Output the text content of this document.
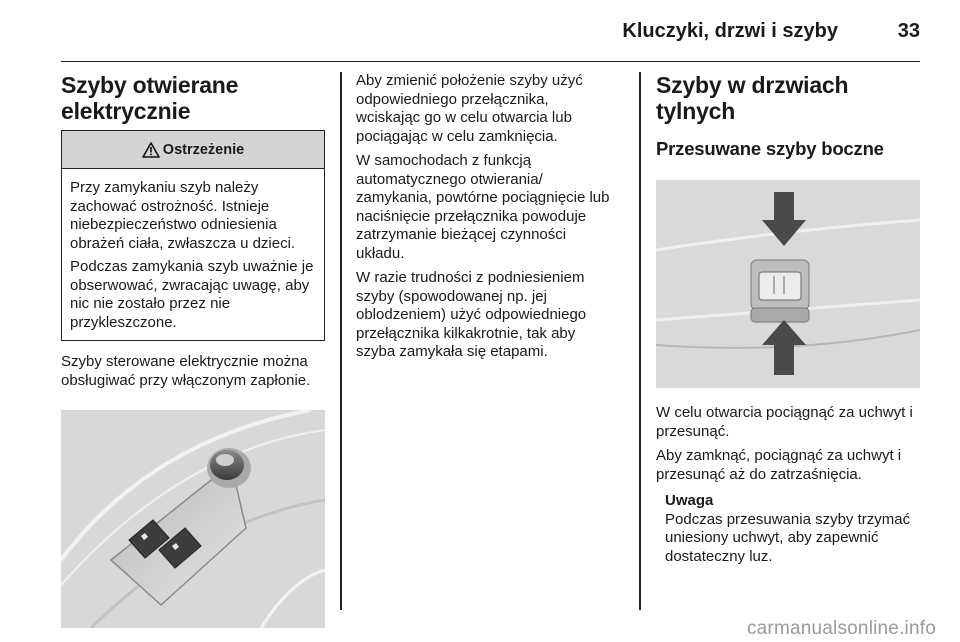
Kluczyki, drzwi i szyby	33
Szyby otwierane elektrycznie
Ostrzeżenie

Przy zamykaniu szyb należy zachować ostrożność. Istnieje niebezpieczeństwo odniesienia obrażeń ciała, zwłaszcza u dzieci.

Podczas zamykania szyb uważnie je obserwować, zwracając uwagę, aby nic nie zostało przez nie przykleszczone.

Szyby sterowane elektrycznie można obsługiwać przy włączonym zapłonie.

Aby zmienić położenie szyby użyć odpowiedniego przełącznika, wciskając go w celu otwarcia lub pociągając w celu zamknięcia.

W samochodach z funkcją automatycznego otwierania/ zamykania, powtórne pociągnięcie lub naciśnięcie przełącznika powoduje zatrzymanie bieżącej czynności układu.

W razie trudności z podniesieniem szyby (spowodowanej np. jej oblodzeniem) użyć odpowiedniego przełącznika kilkakrotnie, tak aby szyba zamykała się etapami.

Szyby w drzwiach tylnych
Przesuwane szyby boczne

W celu otwarcia pociągnąć za uchwyt i przesunąć.

Aby zamknąć, pociągnąć za uchwyt i przesunąć aż do zatrzaśnięcia.

Uwaga

Podczas przesuwania szyby trzymać uniesiony uchwyt, aby zapewnić dostateczny luz.

carmanualsonline.info
